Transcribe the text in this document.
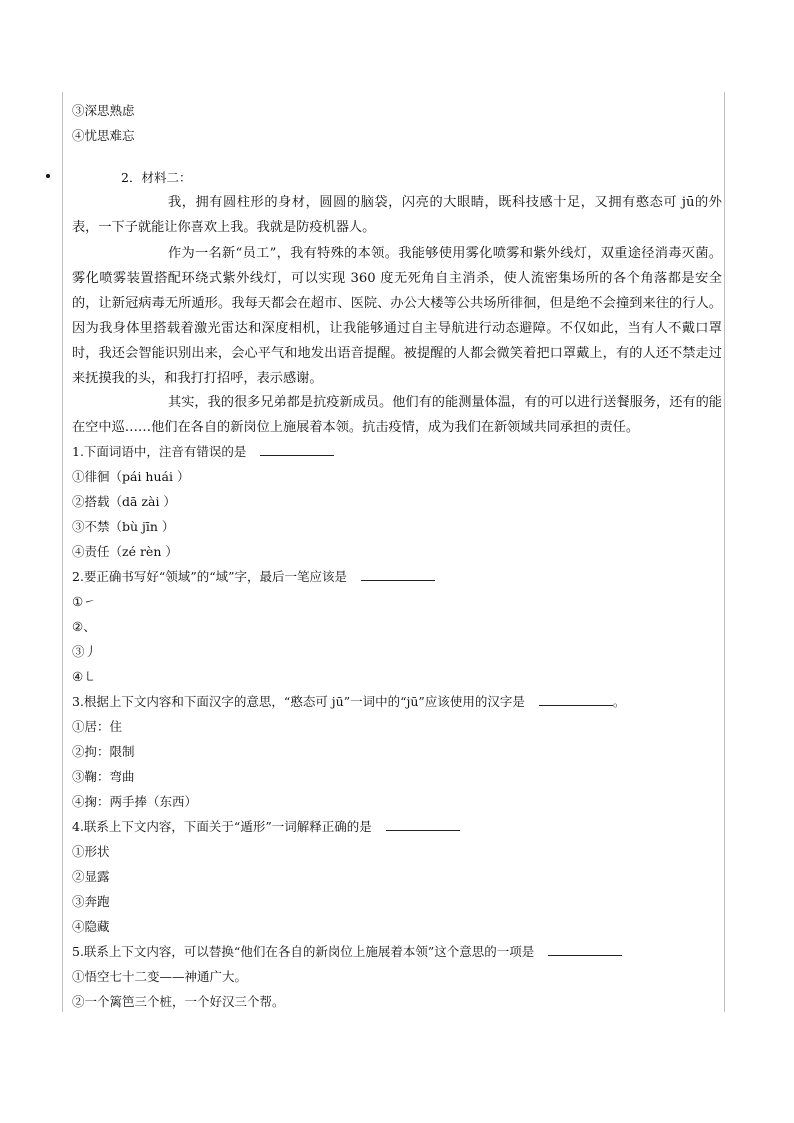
③深思熟虑
④忧思难忘
2．材料二：
我，拥有圆柱形的身材，圆圆的脑袋，闪亮的大眼睛，既科技感十足，又拥有憨态可 jū的外表，一下子就能让你喜欢上我。我就是防疫机器人。
作为一名新“员工”，我有特殊的本领。我能够使用雾化喷雾和紫外线灯，双重途径消毒灭菌。雾化喷雾装置搭配环绕式紫外线灯，可以实现 360 度无死角自主消杀，使人流密集场所的各个角落都是安全的，让新冠病毒无所遁形。我每天都会在超市、医院、办公大楼等公共场所徘徊，但是绝不会撞到来往的行人。因为我身体里搭载着激光雷达和深度相机，让我能够通过自主导航进行动态避障。不仅如此，当有人不戴口罩时，我还会智能识别出来，会心平气和地发出语音提醒。被提醒的人都会微笑着把口罩戴上，有的人还不禁走过来抚摸我的头，和我打打招呼，表示感谢。
其实，我的很多兄弟都是抗疫新成员。他们有的能测量体温，有的可以进行送餐服务，还有的能在空中巡……他们在各自的新岗位上施展着本领。抗击疫情，成为我们在新领域共同承担的责任。
1.下面词语中，注音有错误的是
①徘徊（pái huái ）
②搭载（dā zài ）
③不禁（bù jīn ）
④责任（zé rèn ）
2.要正确书写好“领域”的“域”字，最后一笔应该是
①㇀
②、
③丿
④㇄
3.根据上下文内容和下面汉字的意思，“憨态可 jū”一词中的“jū”应该使用的汉字是	。
①居：住
②拘：限制
③鞠：弯曲
④掬：两手捧（东西）
4.联系上下文内容，下面关于“遁形”一词解释正确的是
①形状
②显露
③奔跑
④隐藏
5.联系上下文内容，可以替换“他们在各自的新岗位上施展着本领”这个意思的一项是
①悟空七十二变——神通广大。
②一个篱笆三个桩，一个好汉三个帮。
